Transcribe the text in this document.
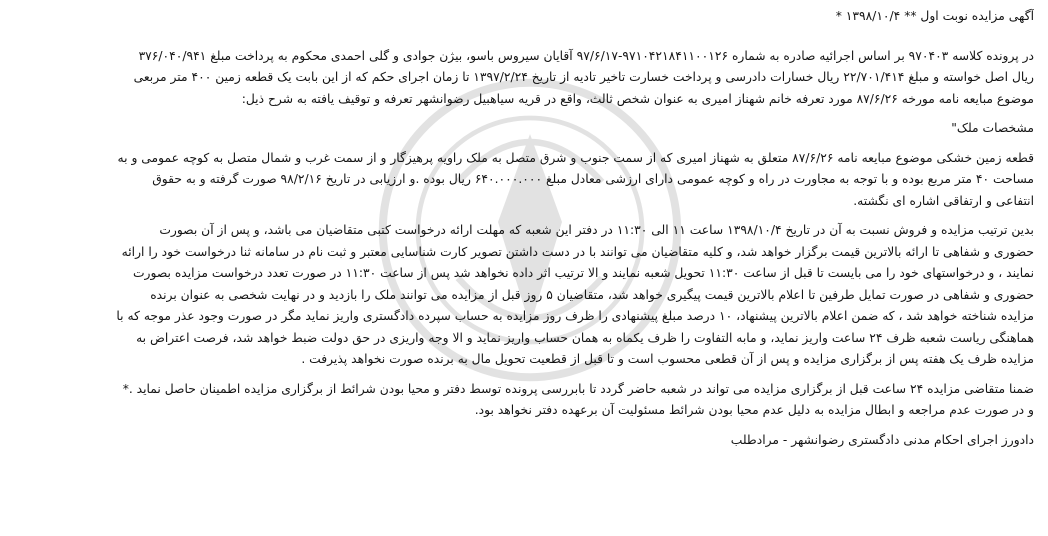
آگهی مزایده نوبت اول ** ۱۳۹۸/۱۰/۴ *
در پرونده کلاسه ۹۷۰۴۰۳ بر اساس اجرائیه صادره به شماره ۹۷۱۰۴۲۱۸۴۱۱۰۰۱۲۶-۹۷/۶/۱۷ آقایان سیروس باسو، بیژن جوادی و گلی احمدی محکوم به پرداخت مبلغ ۳۷۶/۰۴۰/۹۴۱
ریال اصل خواسته و مبلغ ۲۲/۷۰۱/۴۱۴ ریال خسارات دادرسی و پرداخت خسارت تاخیر تادیه از تاریخ ۱۳۹۷/۲/۲۴ تا زمان اجرای حکم که از این بابت یک قطعه زمین ۴۰۰ متر مربعی
موضوع مبایعه نامه مورخه ۸۷/۶/۲۶ مورد تعرفه خانم شهناز امیری به عنوان شخص ثالث، واقع در قریه سیاهبیل رضوانشهر تعرفه و توقیف یافته به شرح ذیل:
مشخصات ملک"
قطعه زمین خشکی موضوع مبایعه نامه ۸۷/۶/۲۶ متعلق به شهناز امیری که از سمت جنوب و شرق متصل به ملک راویه پرهیزگار و از سمت غرب و شمال متصل به کوچه عمومی و به
مساحت ۴۰ متر مربع بوده و با توجه به مجاورت در راه و کوچه عمومی دارای ارزشی معادل مبلغ ۶۴۰.۰۰۰.۰۰۰ ریال بوده .و ارزیابی در تاریخ ۹۸/۲/۱۶ صورت گرفته و به حقوق
انتفاعی و ارتفاقی اشاره ای نگشته.
بدین ترتیب مزایده و فروش نسبت به آن در تاریخ ۱۳۹۸/۱۰/۴ ساعت ۱۱ الی ۱۱:۳۰ در دفتر این شعبه که مهلت ارائه درخواست کتبی متقاضیان می باشد، و پس از آن بصورت
حضوری و شفاهی تا ارائه بالاترین قیمت برگزار خواهد شد، و کلیه متقاضیان می توانند با در دست داشتن تصویر کارت شناسایی معتبر و ثبت نام در سامانه ثنا درخواست خود را ارائه
نمایند ، و درخواستهای خود را می بایست تا قبل از ساعت ۱۱:۳۰ تحویل شعبه نمایند و الا ترتیب اثر داده نخواهد شد پس از ساعت ۱۱:۳۰ در صورت تعدد درخواست مزایده بصورت
حضوری و شفاهی در صورت تمایل طرفین تا اعلام بالاترین قیمت پیگیری خواهد شد، متقاضیان ۵ روز قبل از مزایده می توانند ملک را بازدید و در نهایت شخصی به عنوان برنده
مزایده شناخته خواهد شد ، که ضمن اعلام بالاترین پیشنهاد، ۱۰ درصد مبلغ پیشنهادی را ظرف روز مزایده به حساب سپرده دادگستری واریز نماید مگر در صورت وجود عذر موجه که با
هماهنگی ریاست شعبه ظرف ۲۴ ساعت واریز نماید، و مابه التفاوت را ظرف یکماه به همان حساب واریز نماید و الا وجه واریزی در حق دولت ضبط خواهد شد، فرصت اعتراض به
مزایده ظرف یک هفته پس از برگزاری مزایده و پس از آن قطعی محسوب است و تا قبل از قطعیت تحویل مال به برنده صورت نخواهد پذیرفت .
ضمنا متقاضی مزایده ۲۴ ساعت قبل از برگزاری مزایده می تواند در شعبه حاضر گردد تا بابررسی پرونده توسط دفتر و محیا بودن شرائط از برگزاری مزایده اطمینان حاصل نماید .*
و در صورت عدم مراجعه و ابطال مزایده به دلیل عدم محیا بودن شرائط مسئولیت آن برعهده دفتر نخواهد بود.
دادورز اجرای احکام مدنی دادگستری رضوانشهر - مرادطلب
